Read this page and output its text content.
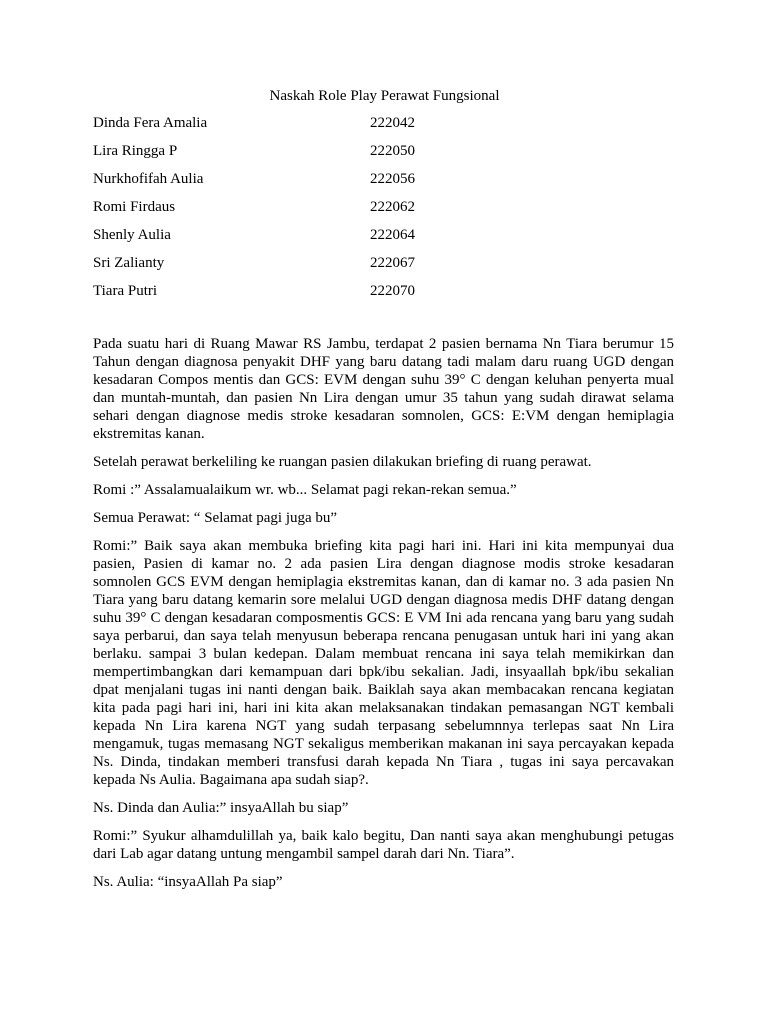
Naskah Role Play Perawat Fungsional
Dinda Fera Amalia	222042
Lira Ringga P	222050
Nurkhofifah Aulia	222056
Romi Firdaus	222062
Shenly Aulia	222064
Sri Zalianty	222067
Tiara Putri	222070

Pada suatu hari di Ruang Mawar RS Jambu, terdapat 2 pasien bernama Nn Tiara berumur 15 Tahun dengan diagnosa penyakit DHF yang baru datang tadi malam daru ruang UGD dengan kesadaran Compos mentis dan GCS: EVM dengan suhu 39° C dengan keluhan penyerta mual dan muntah-muntah, dan pasien Nn Lira dengan umur 35 tahun yang sudah dirawat selama sehari dengan diagnose medis stroke kesadaran somnolen, GCS: E:VM dengan hemiplagia ekstremitas kanan.

Setelah perawat berkeliling ke ruangan pasien dilakukan briefing di ruang perawat.

Romi :” Assalamualaikum wr. wb... Selamat pagi rekan-rekan semua.”

Semua Perawat: “ Selamat pagi juga bu”

Romi:” Baik saya akan membuka briefing kita pagi hari ini. Hari ini kita mempunyai dua pasien, Pasien di kamar no. 2 ada pasien Lira dengan diagnose modis stroke kesadaran somnolen GCS EVM dengan hemiplagia ekstremitas kanan, dan di kamar no. 3 ada pasien Nn Tiara yang baru datang kemarin sore melalui UGD dengan diagnosa medis DHF datang dengan suhu 39° C dengan kesadaran composmentis GCS: E VM Ini ada rencana yang baru yang sudah saya perbarui, dan saya telah menyusun beberapa rencana penugasan untuk hari ini yang akan berlaku. sampai 3 bulan kedepan. Dalam membuat rencana ini saya telah memikirkan dan mempertimbangkan dari kemampuan dari bpk/ibu sekalian. Jadi, insyaallah bpk/ibu sekalian dpat menjalani tugas ini nanti dengan baik. Baiklah saya akan membacakan rencana kegiatan kita pada pagi hari ini, hari ini kita akan melaksanakan tindakan pemasangan NGT kembali kepada Nn Lira karena NGT yang sudah terpasang sebelumnnya terlepas saat Nn Lira mengamuk, tugas memasang NGT sekaligus memberikan makanan ini saya percayakan kepada Ns. Dinda, tindakan memberi transfusi darah kepada Nn Tiara , tugas ini saya percavakan kepada Ns Aulia. Bagaimana apa sudah siap?.

Ns. Dinda dan Aulia:” insyaAllah bu siap”

Romi:” Syukur alhamdulillah ya, baik kalo begitu, Dan nanti saya akan menghubungi petugas dari Lab agar datang untung mengambil sampel darah dari Nn. Tiara”.

Ns. Aulia: “insyaAllah Pa siap”
